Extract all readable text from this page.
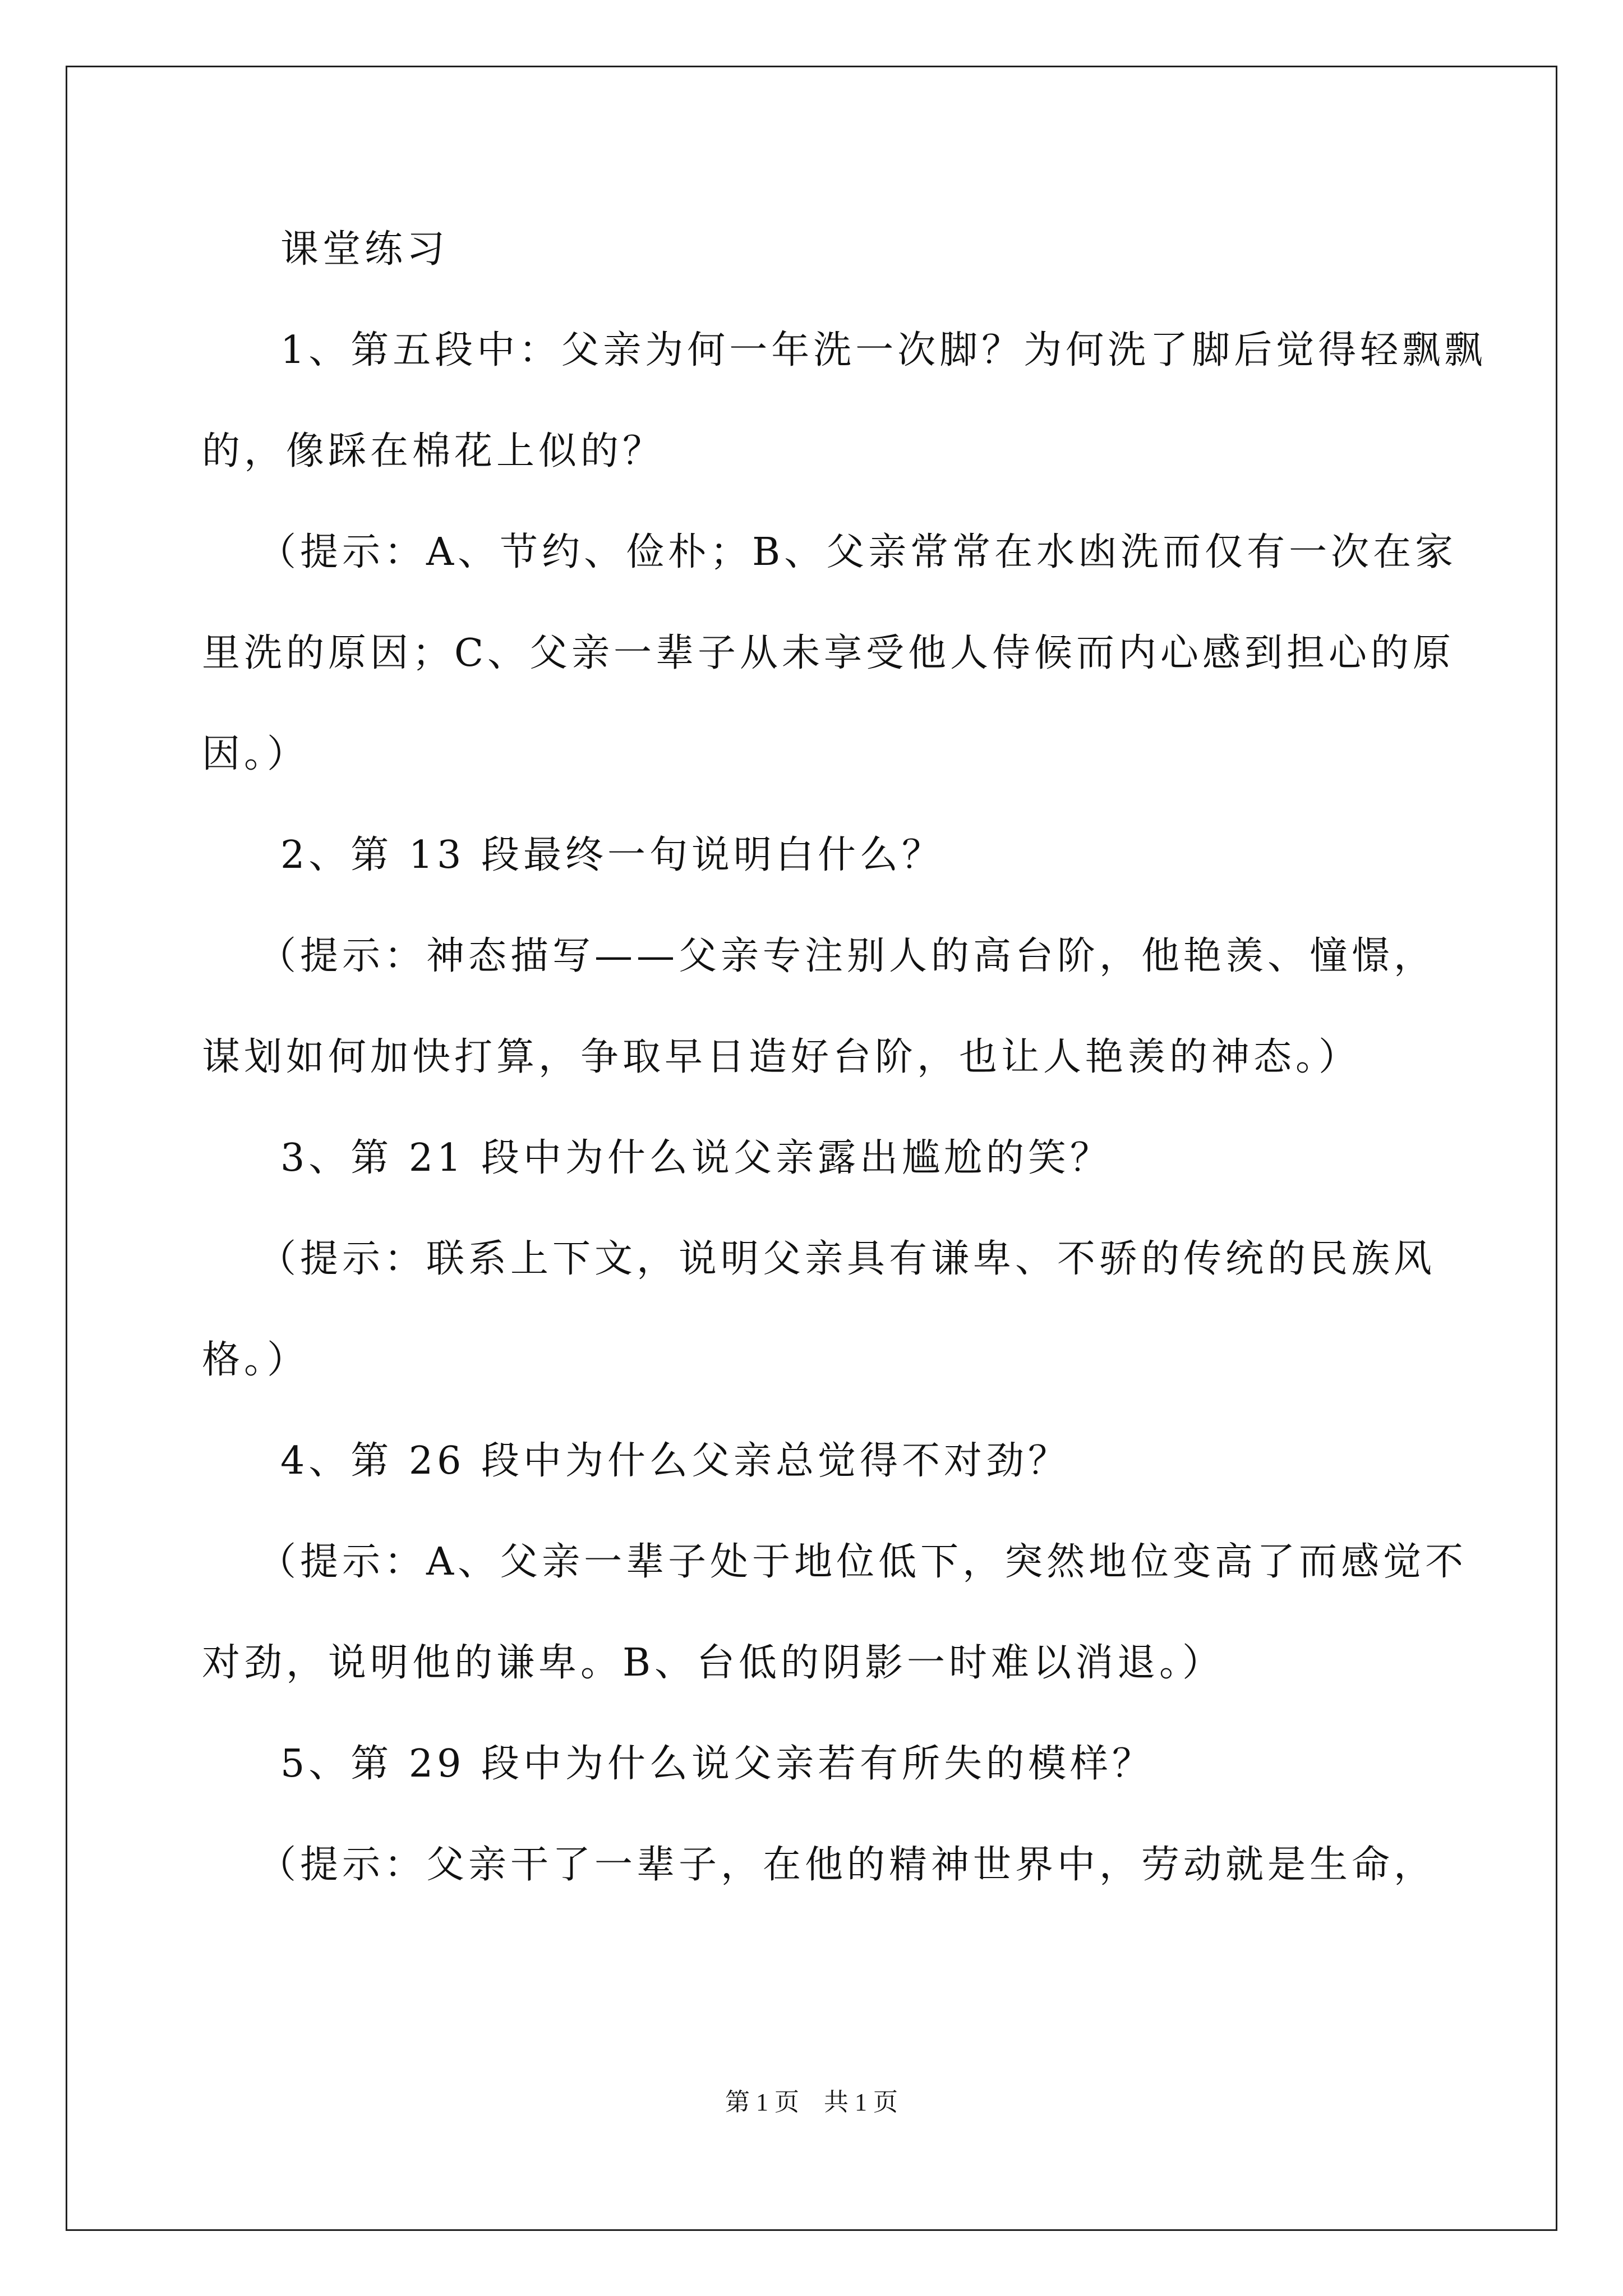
课堂练习
1、第五段中：父亲为何一年洗一次脚？为何洗了脚后觉得轻飘飘
的，像踩在棉花上似的？
（提示：A、节约、俭朴；B、父亲常常在水凼洗而仅有一次在家
里洗的原因；C、父亲一辈子从未享受他人侍候而内心感到担心的原
因。）
2、第 13 段最终一句说明白什么？
（提示：神态描写——父亲专注别人的高台阶，他艳羡、憧憬，
谋划如何加快打算，争取早日造好台阶，也让人艳羡的神态。）
3、第 21 段中为什么说父亲露出尴尬的笑？
（提示：联系上下文，说明父亲具有谦卑、不骄的传统的民族风
格。）
4、第 26 段中为什么父亲总觉得不对劲？
（提示：A、父亲一辈子处于地位低下，突然地位变高了而感觉不
对劲，说明他的谦卑。B、台低的阴影一时难以消退。）
5、第 29 段中为什么说父亲若有所失的模样？
（提示：父亲干了一辈子，在他的精神世界中，劳动就是生命，
第 1 页　共 1 页
